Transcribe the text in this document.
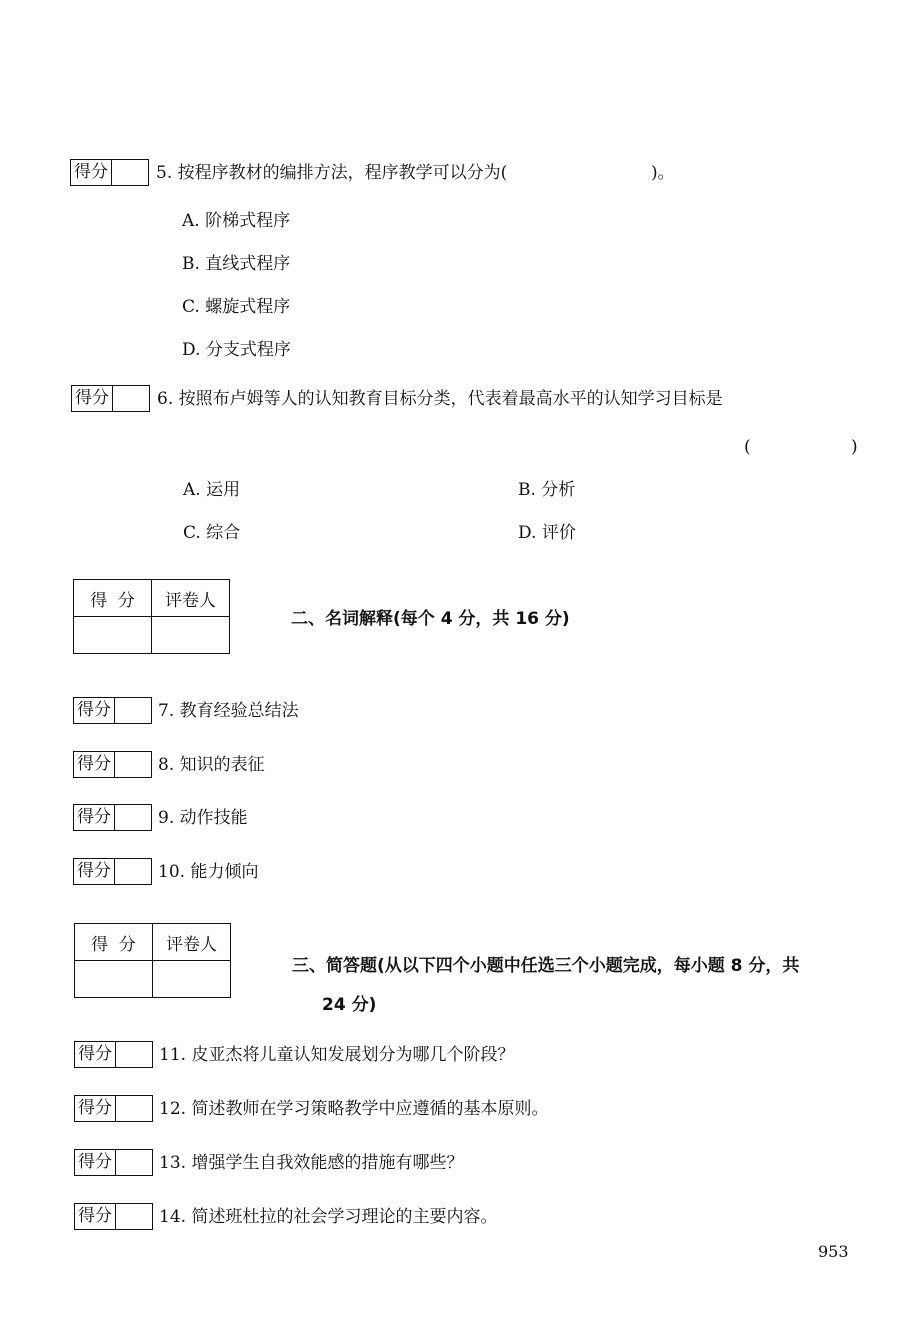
得分	5. 按程序教材的编排方法，程序教学可以分为(	)。
A. 阶梯式程序
B. 直线式程序
C. 螺旋式程序
D. 分支式程序
得分	6. 按照布卢姆等人的认知教育目标分类，代表着最高水平的认知学习目标是
(	)
A. 运用	B. 分析
C. 综合	D. 评价
得  分	评卷人

二、名词解释(每个 4 分，共 16 分)
得分	7. 教育经验总结法
得分	8. 知识的表征
得分	9. 动作技能
得分	10. 能力倾向
得  分	评卷人

三、简答题(从以下四个小题中任选三个小题完成，每小题 8 分，共
24 分)
得分	11. 皮亚杰将儿童认知发展划分为哪几个阶段？
得分	12. 简述教师在学习策略教学中应遵循的基本原则。
得分	13. 增强学生自我效能感的措施有哪些？
得分	14. 简述班杜拉的社会学习理论的主要内容。
953
